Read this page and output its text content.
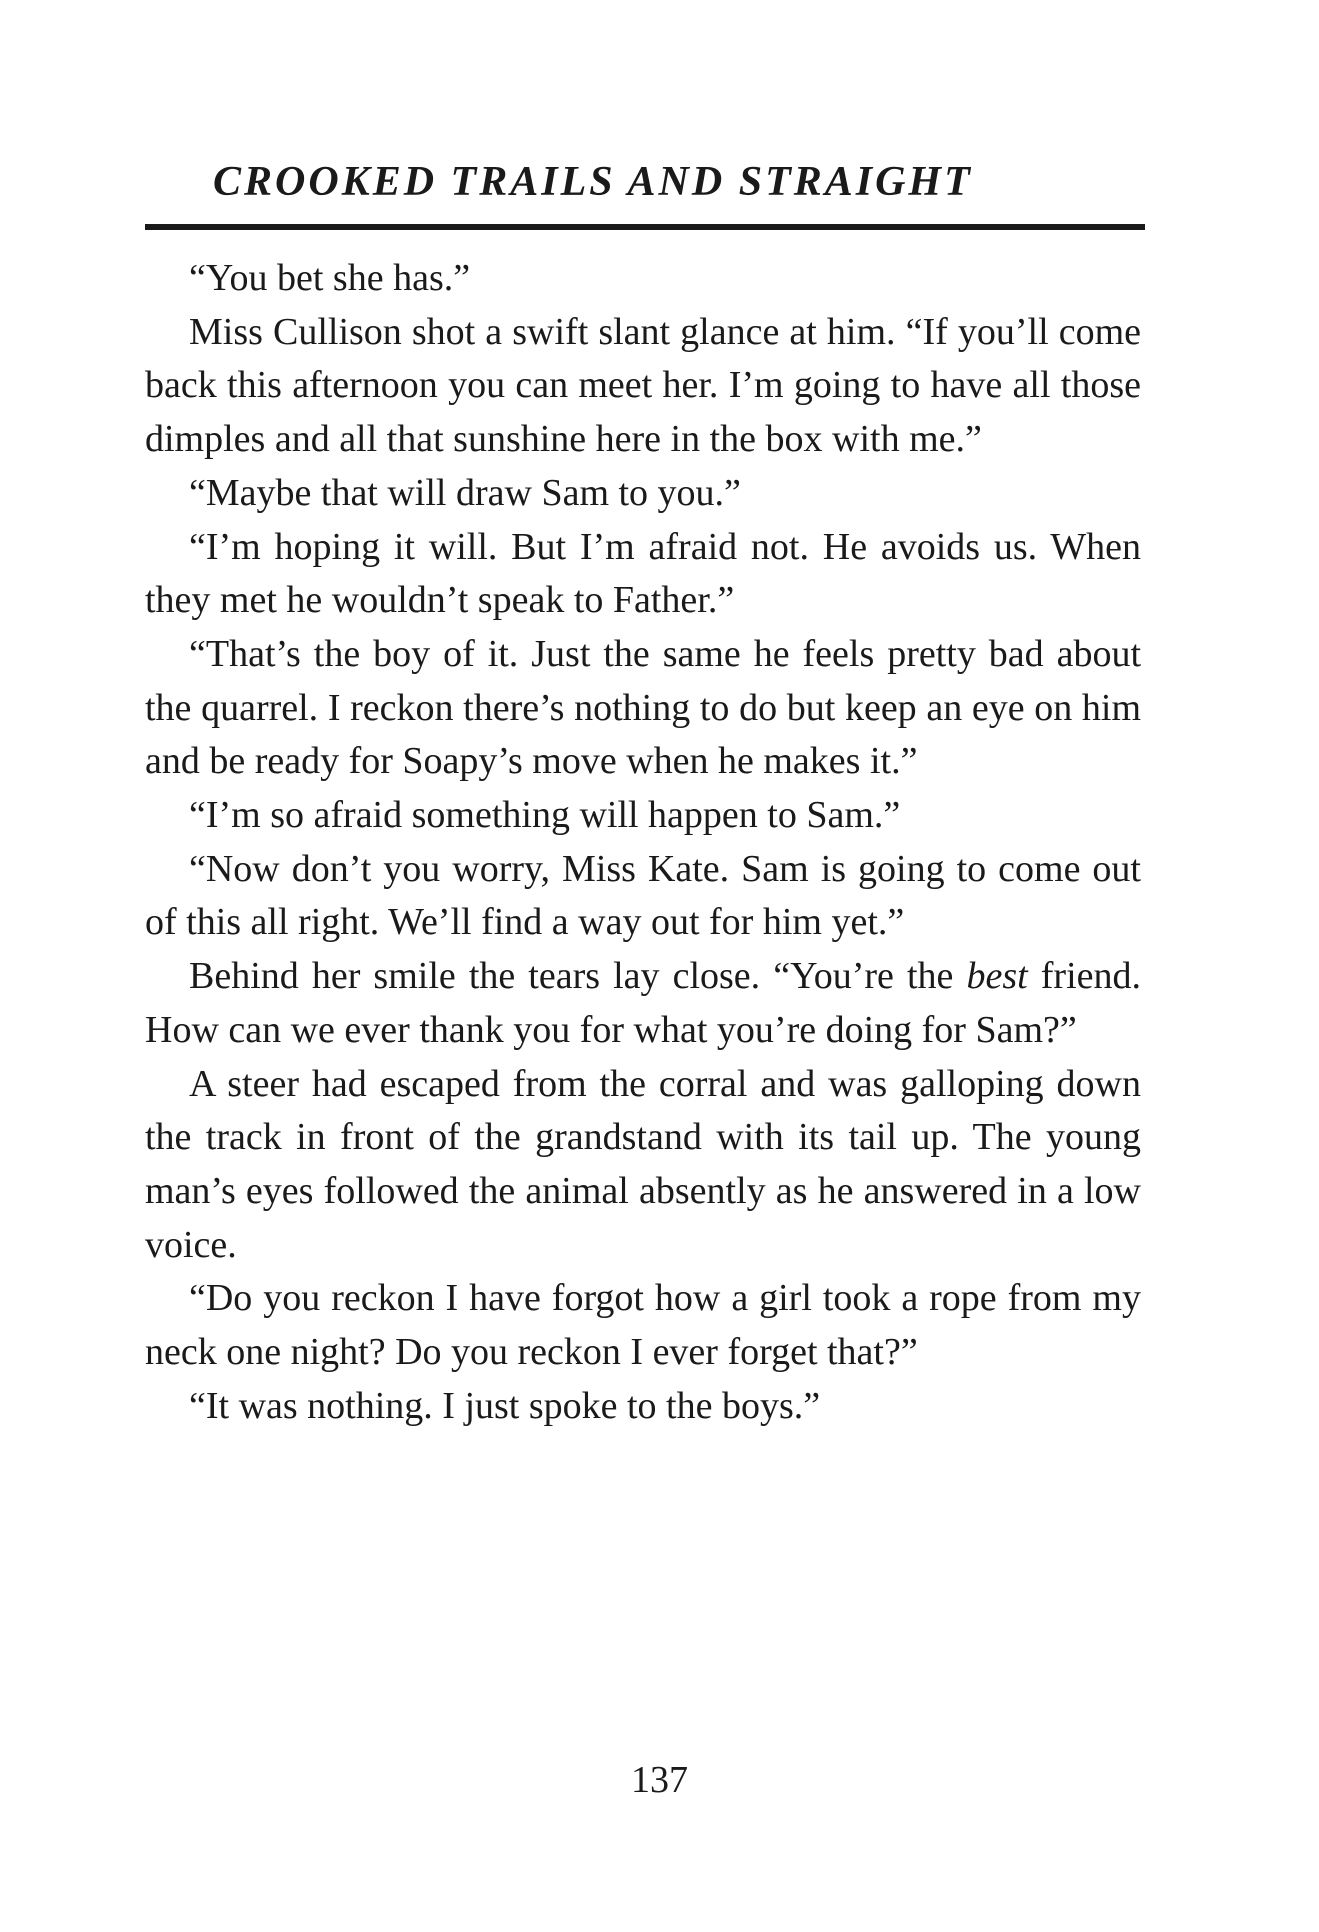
CROOKED TRAILS AND STRAIGHT

“You bet she has.”

Miss Cullison shot a swift slant glance at him. “If you’ll come back this afternoon you can meet her. I’m going to have all those dimples and all that sunshine here in the box with me.”

“Maybe that will draw Sam to you.”

“I’m hoping it will. But I’m afraid not. He avoids us. When they met he wouldn’t speak to Father.”

“That’s the boy of it. Just the same he feels pretty bad about the quarrel. I reckon there’s nothing to do but keep an eye on him and be ready for Soapy’s move when he makes it.”

“I’m so afraid something will happen to Sam.”

“Now don’t you worry, Miss Kate. Sam is going to come out of this all right. We’ll find a way out for him yet.”

Behind her smile the tears lay close. “You’re the best friend. How can we ever thank you for what you’re doing for Sam?”

A steer had escaped from the corral and was galloping down the track in front of the grandstand with its tail up. The young man’s eyes followed the animal absently as he answered in a low voice.

“Do you reckon I have forgot how a girl took a rope from my neck one night? Do you reckon I ever forget that?”

“It was nothing. I just spoke to the boys.”

137
